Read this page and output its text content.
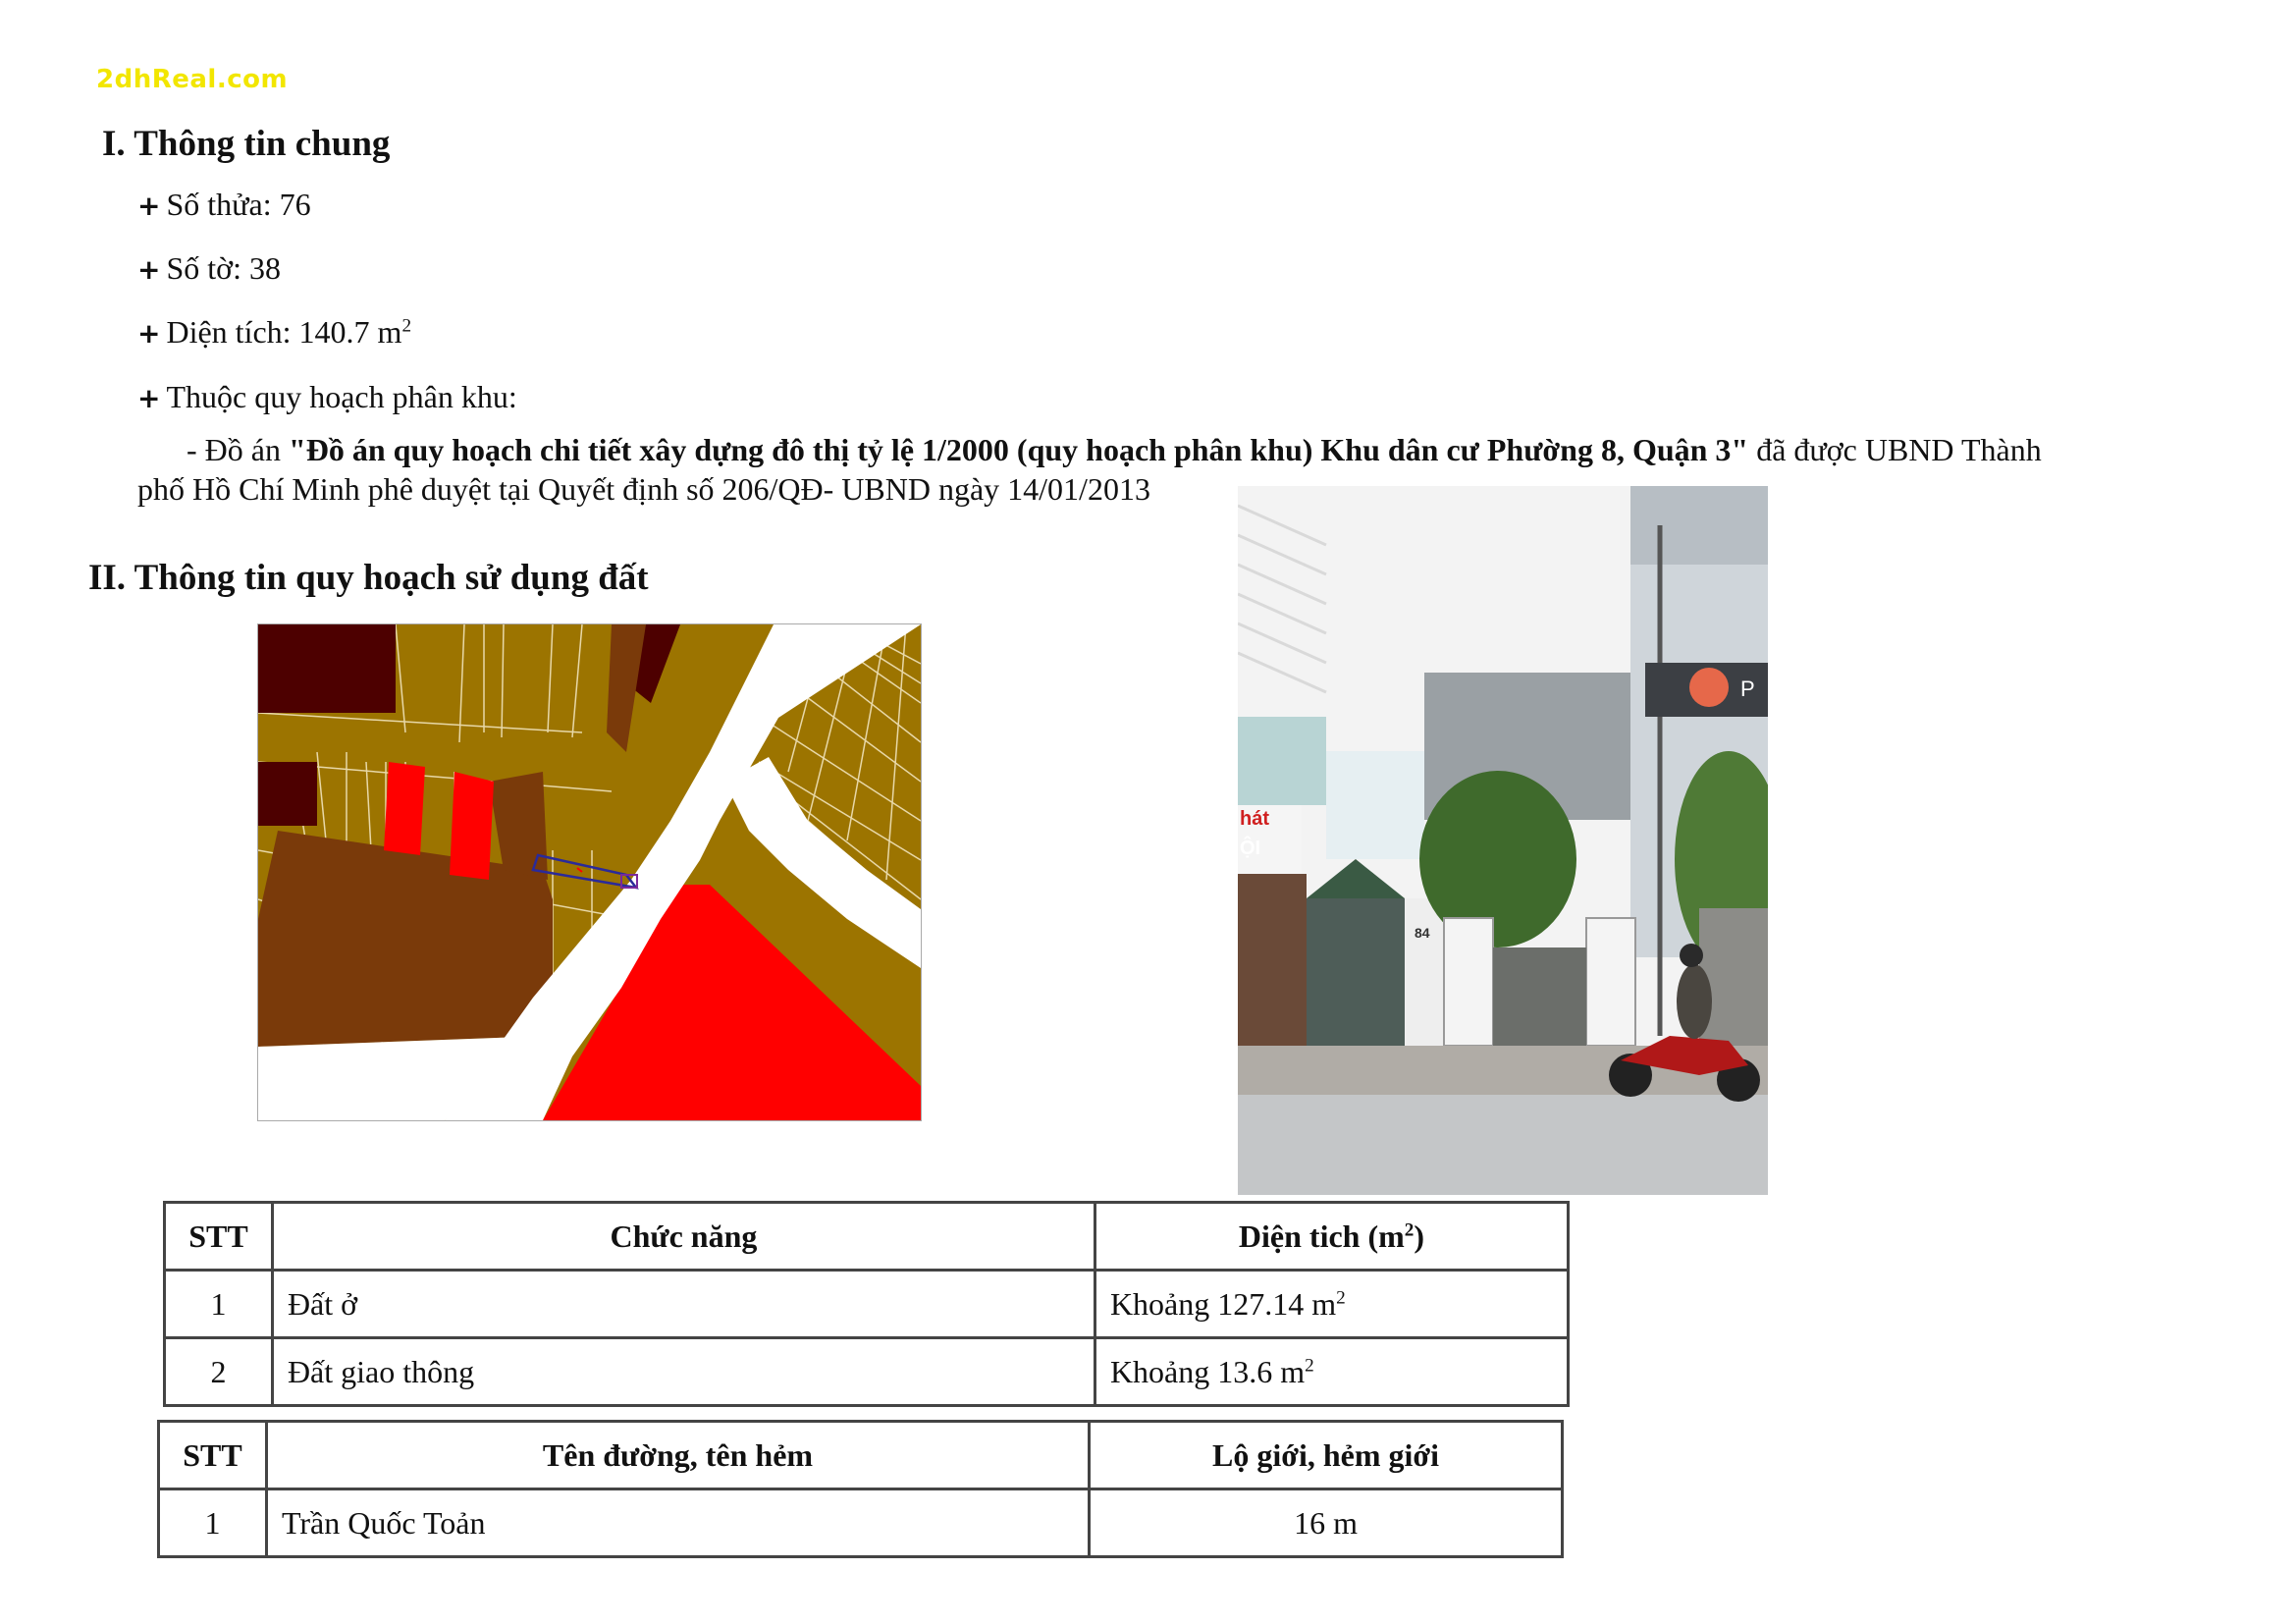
2dhReal.com
I. Thông tin chung
+ Số thửa: 76
+ Số tờ: 38
+ Diện tích: 140.7 $m^2$
+ Thuộc quy hoạch phân khu:
- Đồ án "Đồ án quy hoạch chi tiết xây dựng đô thị tỷ lệ 1/2000 (quy hoạch phân khu) Khu dân cư Phường 8, Quận 3" đã được UBND Thành
phố Hồ Chí Minh phê duyệt tại Quyết định số 206/QĐ- UBND ngày 14/01/2013
II. Thông tin quy hoạch sử dụng đất
P
hát
ỘI
84
STT	Chức năng	Diện tich $(m^2)$
1	Đất ở	Khoảng 127.14 $m^2$
2	Đất giao thông	Khoảng 13.6 $m^2$
STT	Tên đường, tên hẻm	Lộ giới, hẻm giới
1	Trần Quốc Toản	16 m
